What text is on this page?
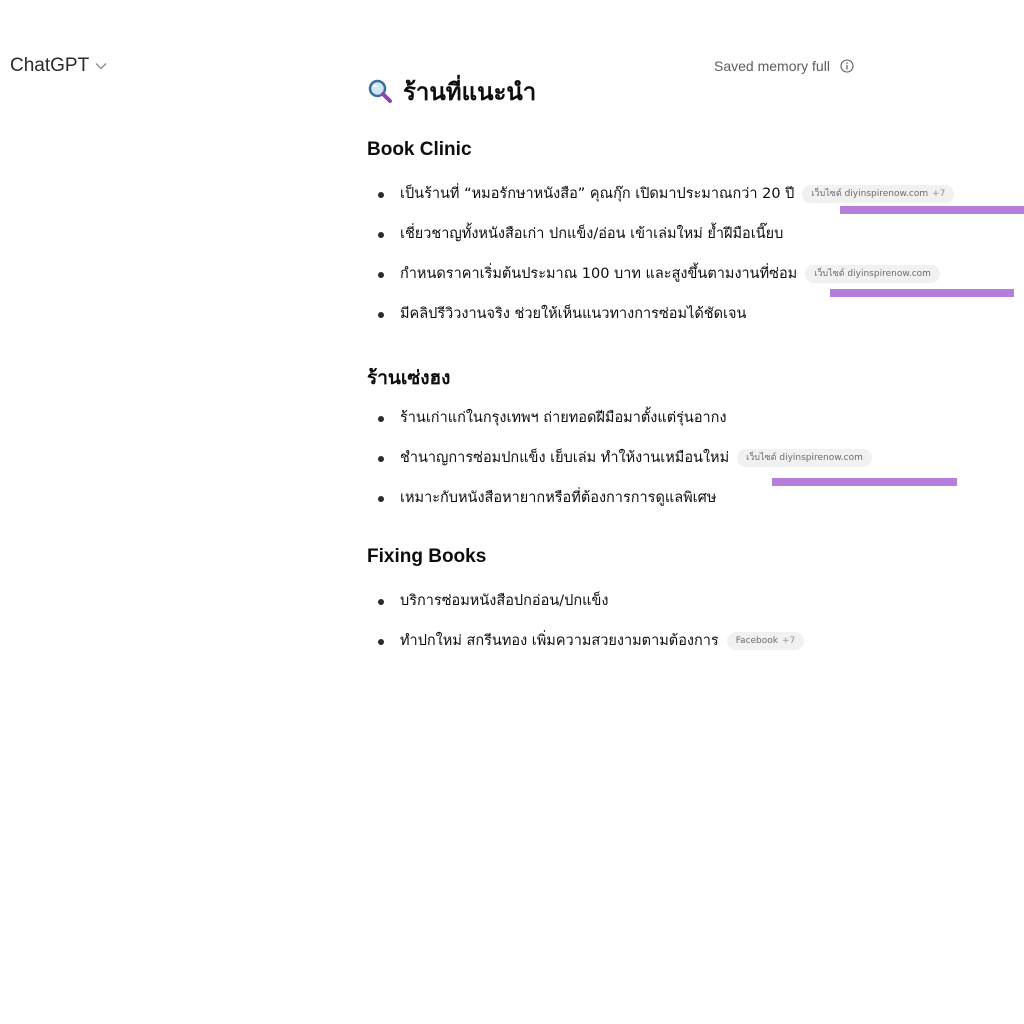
ChatGPT	Saved memory full
ร้านที่แนะนำ
Book Clinic
เป็นร้านที่ “หมอรักษาหนังสือ” คุณกุ๊ก เปิดมาประมาณกว่า 20 ปี เว็บไซต์ diyinspirenow.com +7
เชี่ยวชาญทั้งหนังสือเก่า ปกแข็ง/อ่อน เข้าเล่มใหม่ ย้ำฝีมือเนี๊ยบ
กำหนดราคาเริ่มต้นประมาณ 100 บาท และสูงขึ้นตามงานที่ซ่อม เว็บไซต์ diyinspirenow.com
มีคลิปรีวิวงานจริง ช่วยให้เห็นแนวทางการซ่อมได้ชัดเจน
ร้านเซ่งฮง
ร้านเก่าแก่ในกรุงเทพฯ ถ่ายทอดฝีมือมาตั้งแต่รุ่นอากง
ชำนาญการซ่อมปกแข็ง เย็บเล่ม ทำให้งานเหมือนใหม่ เว็บไซต์ diyinspirenow.com
เหมาะกับหนังสือหายากหรือที่ต้องการการดูแลพิเศษ
Fixing Books
บริการซ่อมหนังสือปกอ่อน/ปกแข็ง
ทำปกใหม่ สกรีนทอง เพิ่มความสวยงามตามต้องการ Facebook +7
